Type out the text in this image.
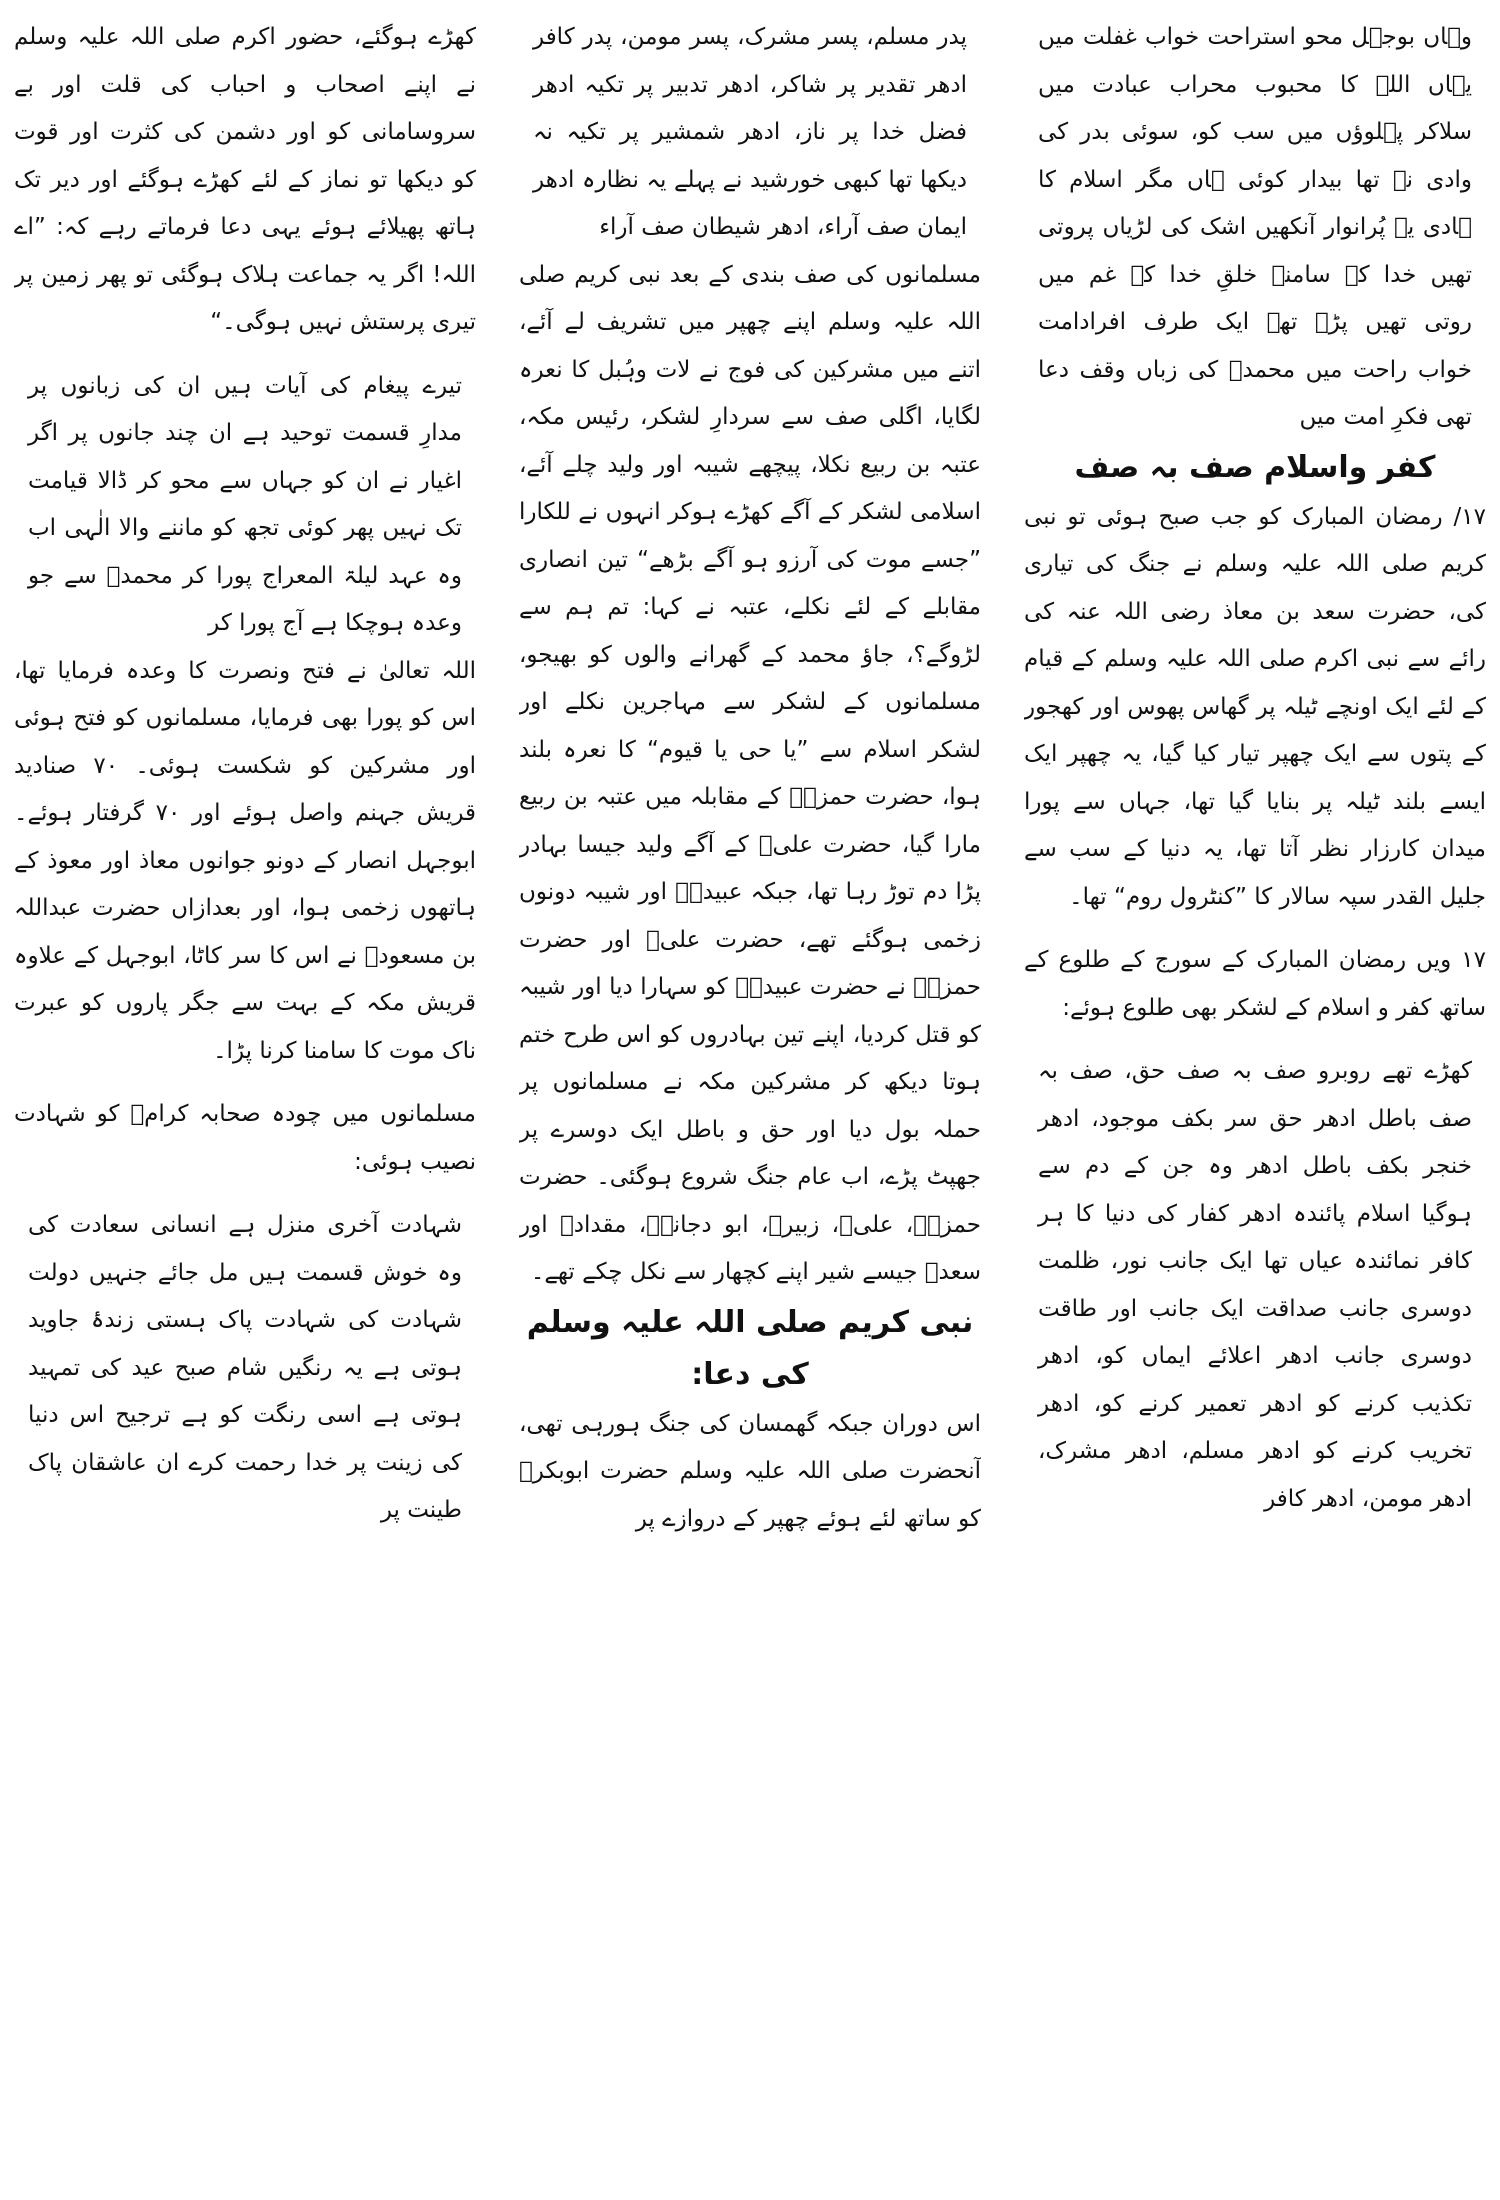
وہاں بوجہل محو استراحت خواب غفلت میں یہاں اللہ کا محبوب محراب عبادت میں سلاکر پہلوؤں میں سب کو، سوئی بدر کی وادی نہ تھا بیدار کوئی ہاں مگر اسلام کا ہادی یہ پُرانوار آنکھیں اشک کی لڑیاں پروتی تھیں خدا کے سامنے خلقِ خدا کے غم میں روتی تھیں پڑے تھے ایک طرف افرادامت خواب راحت میں محمدؐ کی زباں وقف دعا تھی فکرِ امت میں

کفر واسلام صف بہ صف

۱۷/ رمضان المبارک کو جب صبح ہوئی تو نبی کریم صلی اللہ علیہ وسلم نے جنگ کی تیاری کی، حضرت سعد بن معاذ رضی اللہ عنہ کی رائے سے نبی اکرم صلی اللہ علیہ وسلم کے قیام کے لئے ایک اونچے ٹیلہ پر گھاس پھوس اور کھجور کے پتوں سے ایک چھپر تیار کیا گیا، یہ چھپر ایک ایسے بلند ٹیلہ پر بنایا گیا تھا، جہاں سے پورا میدان کارزار نظر آتا تھا، یہ دنیا کے سب سے جلیل القدر سپہ سالار کا ”کنٹرول روم“ تھا۔

۱۷ ویں رمضان المبارک کے سورج کے طلوع کے ساتھ کفر و اسلام کے لشکر بھی طلوع ہوئے:

کھڑے تھے روبرو صف بہ صف حق، صف بہ صف باطل ادھر حق سر بکف موجود، ادھر خنجر بکف باطل ادھر وہ جن کے دم سے ہوگیا اسلام پائندہ ادھر کفار کی دنیا کا ہر کافر نمائندہ عیاں تھا ایک جانب نور، ظلمت دوسری جانب صداقت ایک جانب اور طاقت دوسری جانب ادھر اعلائے ایماں کو، ادھر تکذیب کرنے کو ادھر تعمیر کرنے کو، ادھر تخریب کرنے کو ادھر مسلم، ادھر مشرک، ادھر مومن، ادھر کافر

پدر مسلم، پسر مشرک، پسر مومن، پدر کافر ادھر تقدیر پر شاکر، ادھر تدبیر پر تکیہ ادھر فضل خدا پر ناز، ادھر شمشیر پر تکیہ نہ دیکھا تھا کبھی خورشید نے پہلے یہ نظارہ ادھر ایمان صف آراء، ادھر شیطان صف آراء

مسلمانوں کی صف بندی کے بعد نبی کریم صلی اللہ علیہ وسلم اپنے چھپر میں تشریف لے آئے، اتنے میں مشرکین کی فوج نے لات وہُبل کا نعرہ لگایا، اگلی صف سے سردارِ لشکر، رئیس مکہ، عتبہ بن ربیع نکلا، پیچھے شیبہ اور ولید چلے آئے، اسلامی لشکر کے آگے کھڑے ہوکر انہوں نے للکارا ”جسے موت کی آرزو ہو آگے بڑھے“ تین انصاری مقابلے کے لئے نکلے، عتبہ نے کہا: تم ہم سے لڑوگے؟، جاؤ محمد کے گھرانے والوں کو بھیجو، مسلمانوں کے لشکر سے مہاجرین نکلے اور لشکر اسلام سے ”یا حی یا قیوم“ کا نعرہ بلند ہوا، حضرت حمزہؓ کے مقابلہ میں عتبہ بن ربیع مارا گیا، حضرت علیؓ کے آگے ولید جیسا بہادر پڑا دم توڑ رہا تھا، جبکہ عبیدہؓ اور شیبہ دونوں زخمی ہوگئے تھے، حضرت علیؓ اور حضرت حمزہؓ نے حضرت عبیدہؓ کو سہارا دیا اور شیبہ کو قتل کردیا، اپنے تین بہادروں کو اس طرح ختم ہوتا دیکھ کر مشرکین مکہ نے مسلمانوں پر حملہ بول دیا اور حق و باطل ایک دوسرے پر جھپٹ پڑے، اب عام جنگ شروع ہوگئی۔ حضرت حمزہؓ، علیؓ، زبیرؓ، ابو دجانہؓ، مقدادؓ اور سعدؓ جیسے شیر اپنے کچھار سے نکل چکے تھے۔

نبی کریم صلی اللہ علیہ وسلم کی دعا:

اس دوران جبکہ گھمسان کی جنگ ہورہی تھی، آنحضرت صلی اللہ علیہ وسلم حضرت ابوبکرؓ کو ساتھ لئے ہوئے چھپر کے دروازے پر

کھڑے ہوگئے، حضور اکرم صلی اللہ علیہ وسلم نے اپنے اصحاب و احباب کی قلت اور بے سروسامانی کو اور دشمن کی کثرت اور قوت کو دیکھا تو نماز کے لئے کھڑے ہوگئے اور دیر تک ہاتھ پھیلائے ہوئے یہی دعا فرماتے رہے کہ: ”اے اللہ! اگر یہ جماعت ہلاک ہوگئی تو پھر زمین پر تیری پرستش نہیں ہوگی۔“

تیرے پیغام کی آیات ہیں ان کی زبانوں پر مدارِ قسمت توحید ہے ان چند جانوں پر اگر اغیار نے ان کو جہاں سے محو کر ڈالا قیامت تک نہیں پھر کوئی تجھ کو ماننے والا الٰہی اب وہ عہد لیلۃ المعراج پورا کر محمدؐ سے جو وعدہ ہوچکا ہے آج پورا کر

اللہ تعالیٰ نے فتح ونصرت کا وعدہ فرمایا تھا، اس کو پورا بھی فرمایا، مسلمانوں کو فتح ہوئی اور مشرکین کو شکست ہوئی۔ ۷۰ صنادید قریش جہنم واصل ہوئے اور ۷۰ گرفتار ہوئے۔ ابوجہل انصار کے دونو جوانوں معاذ اور معوذ کے ہاتھوں زخمی ہوا، اور بعدازاں حضرت عبداللہ بن مسعودؓ نے اس کا سر کاٹا، ابوجہل کے علاوہ قریش مکہ کے بہت سے جگر پاروں کو عبرت ناک موت کا سامنا کرنا پڑا۔

مسلمانوں میں چودہ صحابہ کرامؓ کو شہادت نصیب ہوئی:

شہادت آخری منزل ہے انسانی سعادت کی وہ خوش قسمت ہیں مل جائے جنہیں دولت شہادت کی شہادت پاک ہستی زندۂ جاوید ہوتی ہے یہ رنگیں شام صبح عید کی تمہید ہوتی ہے اسی رنگت کو ہے ترجیح اس دنیا کی زینت پر خدا رحمت کرے ان عاشقان پاک طینت پر
